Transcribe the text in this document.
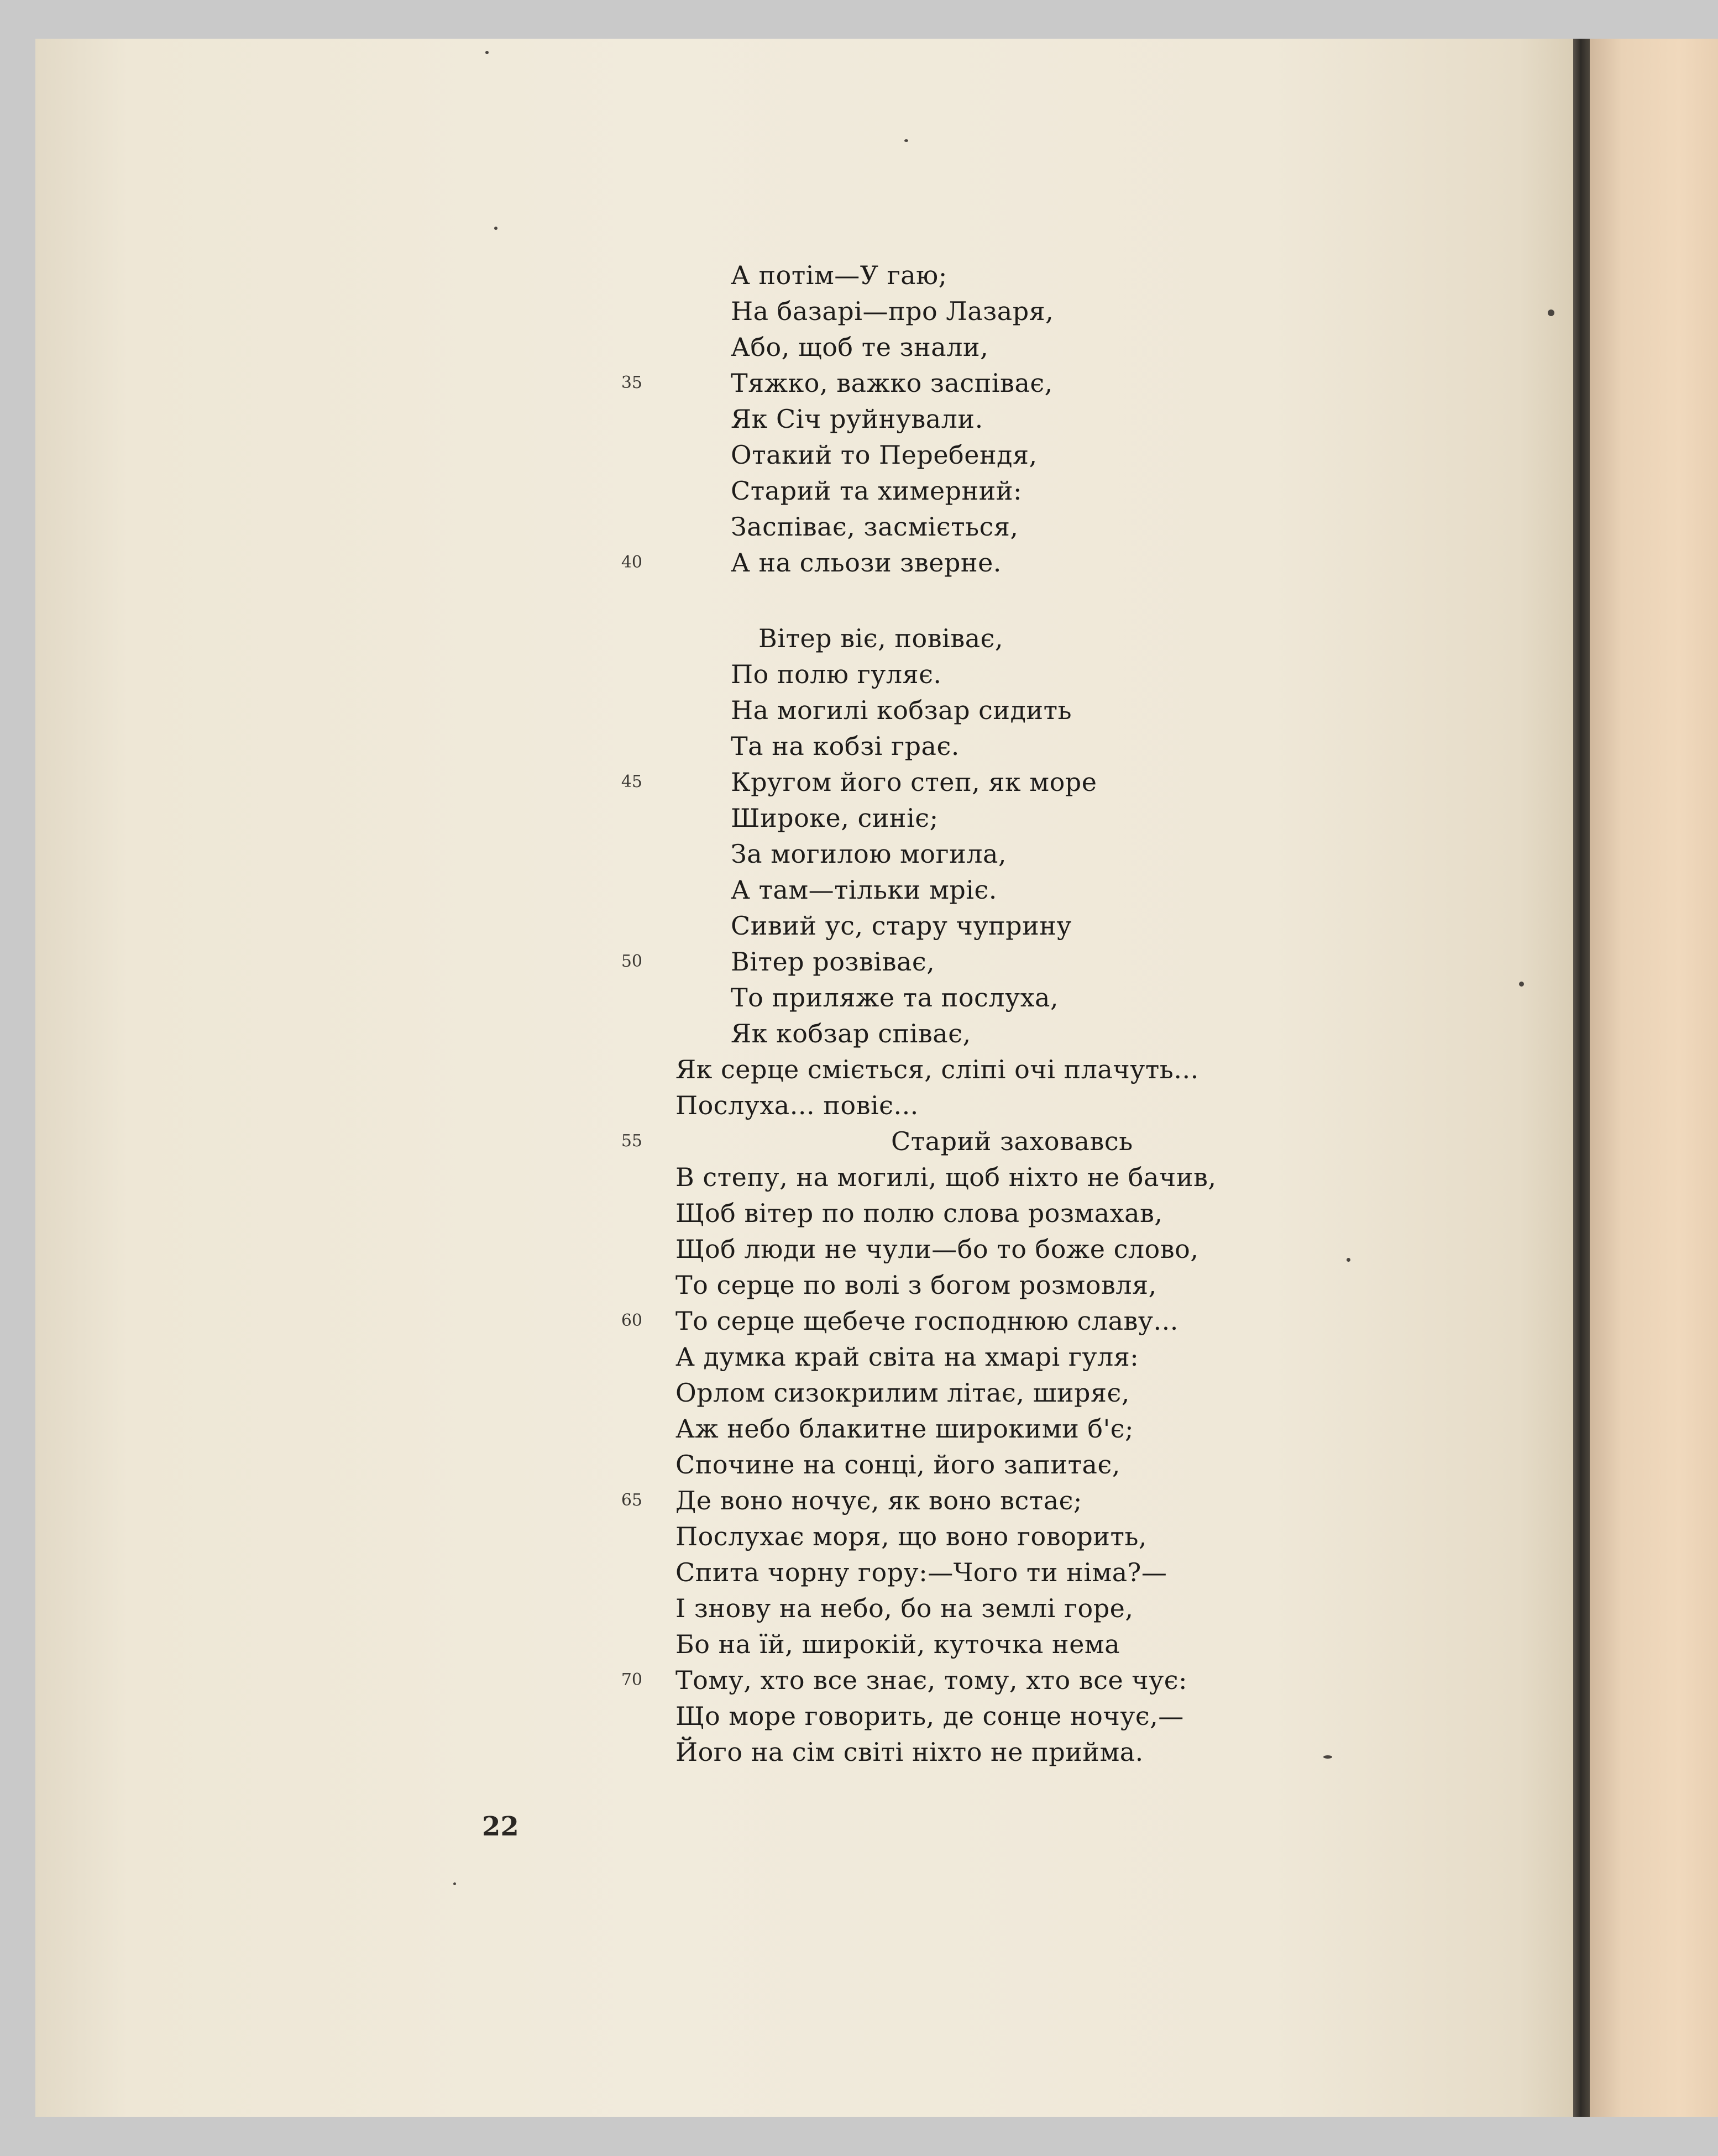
А потім—У гаю;
На базарі—про Лазаря,
Або, щоб те знали,
Тяжко, важко заспіває,
Як Січ руйнували.
Отакий то Перебендя,
Старий та химерний:
Заспіває, засміється,
А на сльози зверне.
Вітер віє, повіває,
По полю гуляє.
На могилі кобзар сидить
Та на кобзі грає.
Кругом його степ, як море
Широке, синіє;
За могилою могила,
А там—тільки мріє.
Сивий ус, стару чуприну
Вітер розвіває,
То приляже та послуха,
Як кобзар співає,
Як серце сміється, сліпі очі плачуть...
Послуха... повіє...
Старий заховавсь
В степу, на могилі, щоб ніхто не бачив,
Щоб вітер по полю слова розмахав,
Щоб люди не чули—бо то боже слово,
То серце по волі з богом розмовля,
То серце щебече господнюю славу...
А думка край світа на хмарі гуля:
Орлом сизокрилим літає, ширяє,
Аж небо блакитне широкими б'є;
Спочине на сонці, його запитає,
Де воно ночує, як воно встає;
Послухає моря, що воно говорить,
Спита чорну гору:—Чого ти німа?—
І знову на небо, бо на землі горе,
Бо на їй, широкій, куточка нема
Тому, хто все знає, тому, хто все чує:
Що море говорить, де сонце ночує,—
Його на сім світі ніхто не прийма.
35
40
45
50
55
60
65
70
22
